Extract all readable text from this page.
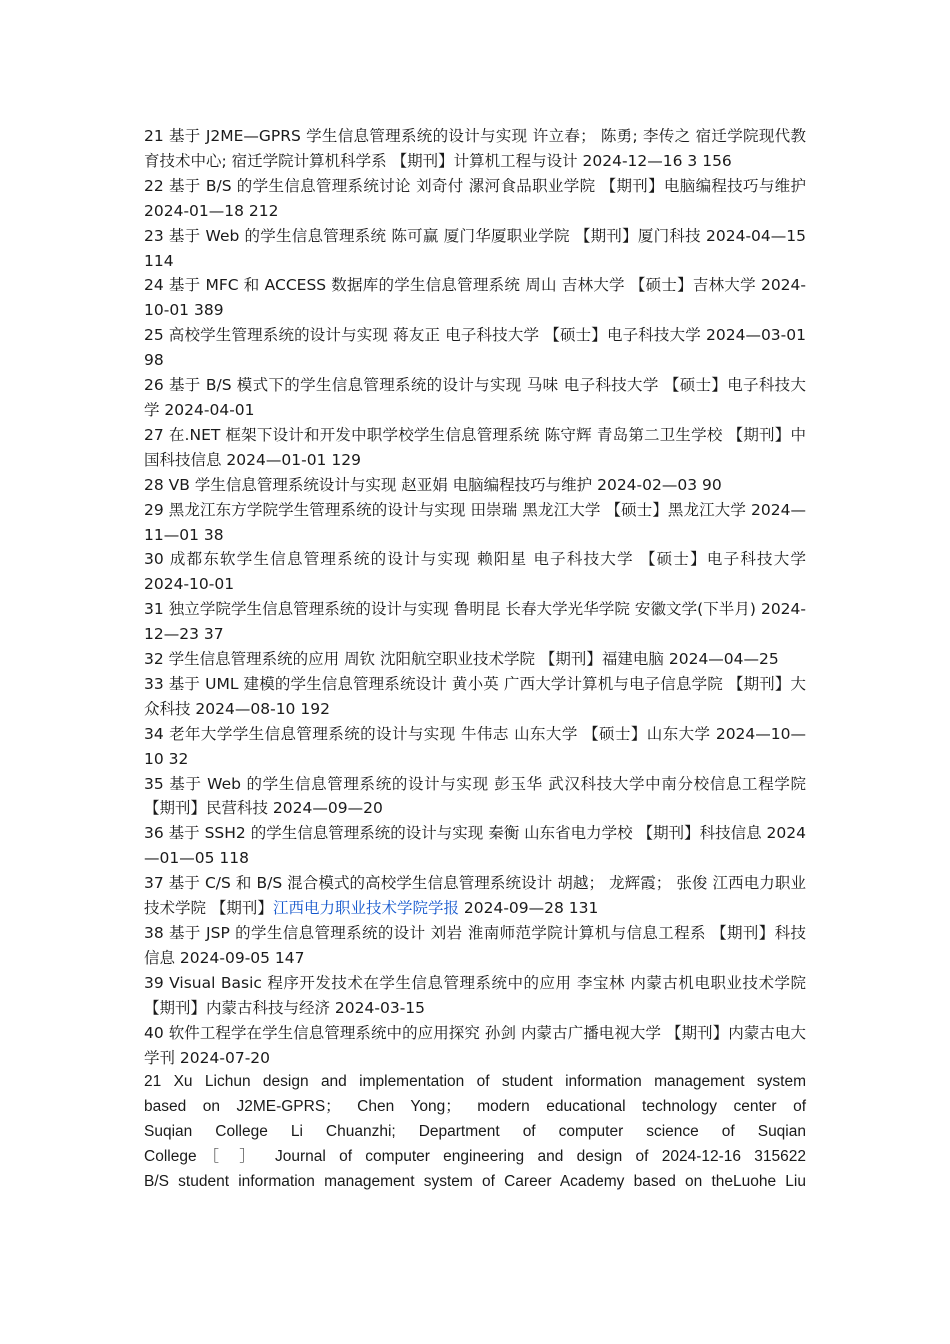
21 基于 J2ME—GPRS 学生信息管理系统的设计与实现 许立春； 陈勇; 李传之 宿迁学院现代教育技术中心; 宿迁学院计算机科学系 【期刊】计算机工程与设计 2024-12—16 3 156

22 基于 B/S 的学生信息管理系统讨论 刘奇付 漯河食品职业学院 【期刊】电脑编程技巧与维护 2024-01—18 212

23 基于 Web 的学生信息管理系统 陈可赢 厦门华厦职业学院 【期刊】厦门科技 2024-04—15 114

24 基于 MFC 和 ACCESS 数据库的学生信息管理系统 周山 吉林大学 【硕士】吉林大学 2024-10-01 389

25 高校学生管理系统的设计与实现 蒋友正 电子科技大学 【硕士】电子科技大学 2024—03-01 98

26 基于 B/S 模式下的学生信息管理系统的设计与实现 马味 电子科技大学 【硕士】电子科技大学 2024-04-01

27 在.NET 框架下设计和开发中职学校学生信息管理系统 陈守辉 青岛第二卫生学校 【期刊】中国科技信息 2024—01-01 129

28 VB 学生信息管理系统设计与实现 赵亚娟 电脑编程技巧与维护 2024-02—03 90

29 黑龙江东方学院学生管理系统的设计与实现 田崇瑞 黑龙江大学 【硕士】黑龙江大学 2024—11—01 38

30 成都东软学生信息管理系统的设计与实现 赖阳星 电子科技大学 【硕士】电子科技大学 2024-10-01

31 独立学院学生信息管理系统的设计与实现 鲁明昆 长春大学光华学院 安徽文学(下半月) 2024-12—23 37

32 学生信息管理系统的应用 周钦 沈阳航空职业技术学院 【期刊】福建电脑 2024—04—25

33 基于 UML 建模的学生信息管理系统设计 黄小英 广西大学计算机与电子信息学院 【期刊】大众科技 2024—08-10 192

34 老年大学学生信息管理系统的设计与实现 牛伟志 山东大学 【硕士】山东大学 2024—10—10 32

35 基于 Web 的学生信息管理系统的设计与实现 彭玉华 武汉科技大学中南分校信息工程学院 【期刊】民营科技 2024—09—20

36 基于 SSH2 的学生信息管理系统的设计与实现 秦衡 山东省电力学校 【期刊】科技信息 2024—01—05 118

37 基于 C/S 和 B/S 混合模式的高校学生信息管理系统设计 胡越； 龙辉霞； 张俊 江西电力职业技术学院 【期刊】江西电力职业技术学院学报 2024-09—28 131

38 基于 JSP 的学生信息管理系统的设计 刘岩 淮南师范学院计算机与信息工程系 【期刊】科技信息 2024-09-05 147

39 Visual Basic 程序开发技术在学生信息管理系统中的应用 李宝林 内蒙古机电职业技术学院 【期刊】内蒙古科技与经济 2024-03-15

40 软件工程学在学生信息管理系统中的应用探究 孙剑 内蒙古广播电视大学 【期刊】内蒙古电大学刊 2024-07-20

21 Xu Lichun design and implementation of student information management system

based on J2ME-GPRS； Chen Yong； modern educational technology center of

Suqian College Li Chuanzhi; Department of computer science of Suqian

College［ ］ Journal of computer engineering and design of 2024-12-16 315622

B/S student information management system of Career Academy based on theLuohe Liu
